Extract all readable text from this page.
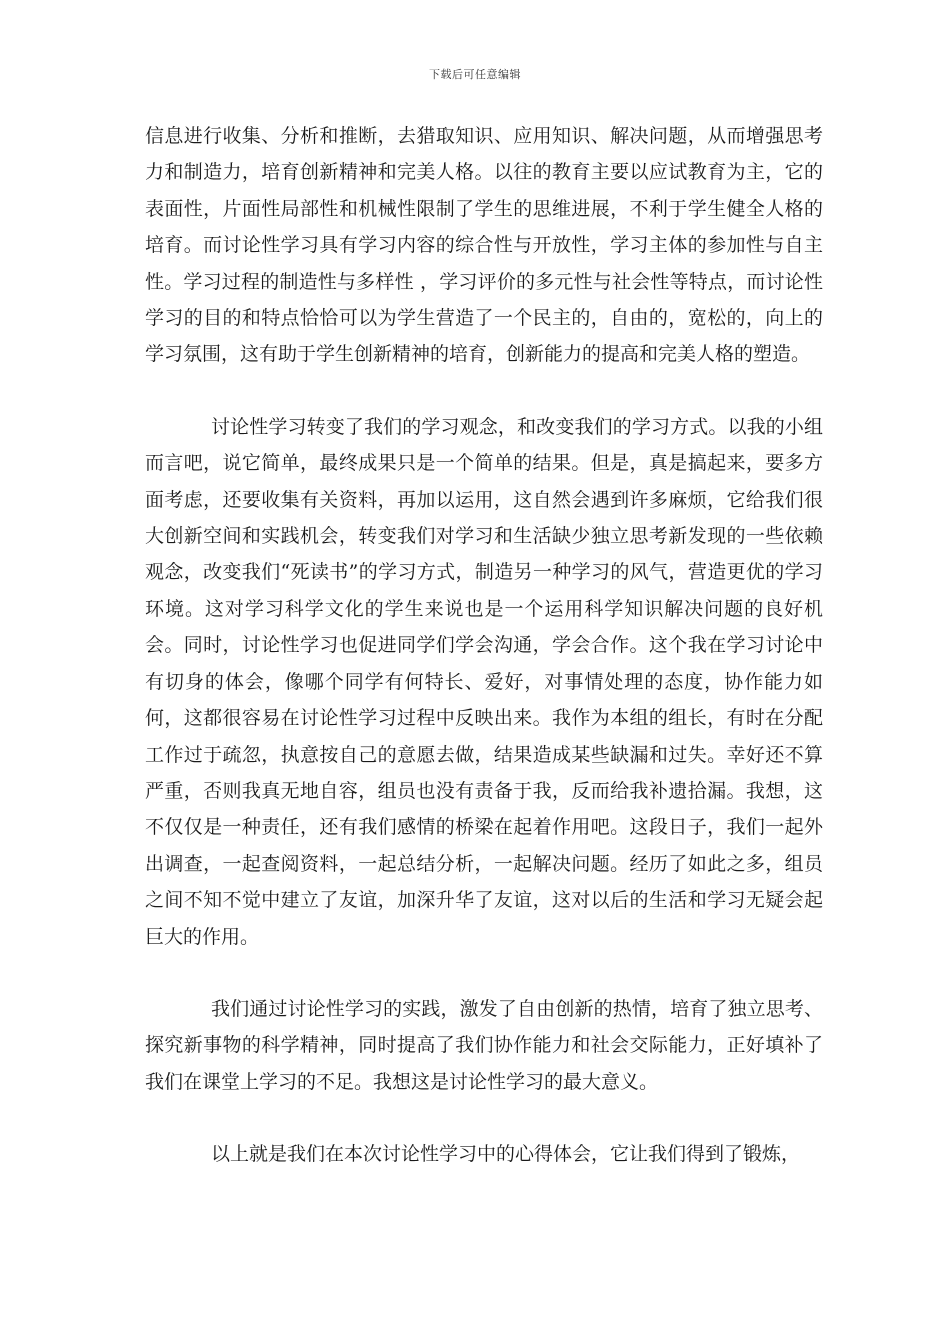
下载后可任意编辑

信息进行收集、分析和推断，去猎取知识、应用知识、解决问题，从而增强思考力和制造力，培育创新精神和完美人格。以往的教育主要以应试教育为主，它的表面性，片面性局部性和机械性限制了学生的思维进展，不利于学生健全人格的培育。而讨论性学习具有学习内容的综合性与开放性，学习主体的参加性与自主性。学习过程的制造性与多样性 ，学习评价的多元性与社会性等特点，而讨论性学习的目的和特点恰恰可以为学生营造了一个民主的，自由的，宽松的，向上的学习氛围，这有助于学生创新精神的培育，创新能力的提高和完美人格的塑造。

讨论性学习转变了我们的学习观念，和改变我们的学习方式。以我的小组而言吧，说它简单，最终成果只是一个简单的结果。但是，真是搞起来，要多方面考虑，还要收集有关资料，再加以运用，这自然会遇到许多麻烦，它给我们很大创新空间和实践机会，转变我们对学习和生活缺少独立思考新发现的一些依赖观念，改变我们“死读书”的学习方式，制造另一种学习的风气，营造更优的学习环境。这对学习科学文化的学生来说也是一个运用科学知识解决问题的良好机会。同时，讨论性学习也促进同学们学会沟通，学会合作。这个我在学习讨论中有切身的体会，像哪个同学有何特长、爱好，对事情处理的态度，协作能力如何，这都很容易在讨论性学习过程中反映出来。我作为本组的组长，有时在分配工作过于疏忽，执意按自己的意愿去做，结果造成某些缺漏和过失。幸好还不算严重，否则我真无地自容，组员也没有责备于我，反而给我补遗拾漏。我想，这不仅仅是一种责任，还有我们感情的桥梁在起着作用吧。这段日子，我们一起外出调查，一起查阅资料，一起总结分析，一起解决问题。经历了如此之多，组员之间不知不觉中建立了友谊，加深升华了友谊，这对以后的生活和学习无疑会起巨大的作用。

我们通过讨论性学习的实践，激发了自由创新的热情，培育了独立思考、探究新事物的科学精神，同时提高了我们协作能力和社会交际能力，正好填补了我们在课堂上学习的不足。我想这是讨论性学习的最大意义。

以上就是我们在本次讨论性学习中的心得体会，它让我们得到了锻炼，
